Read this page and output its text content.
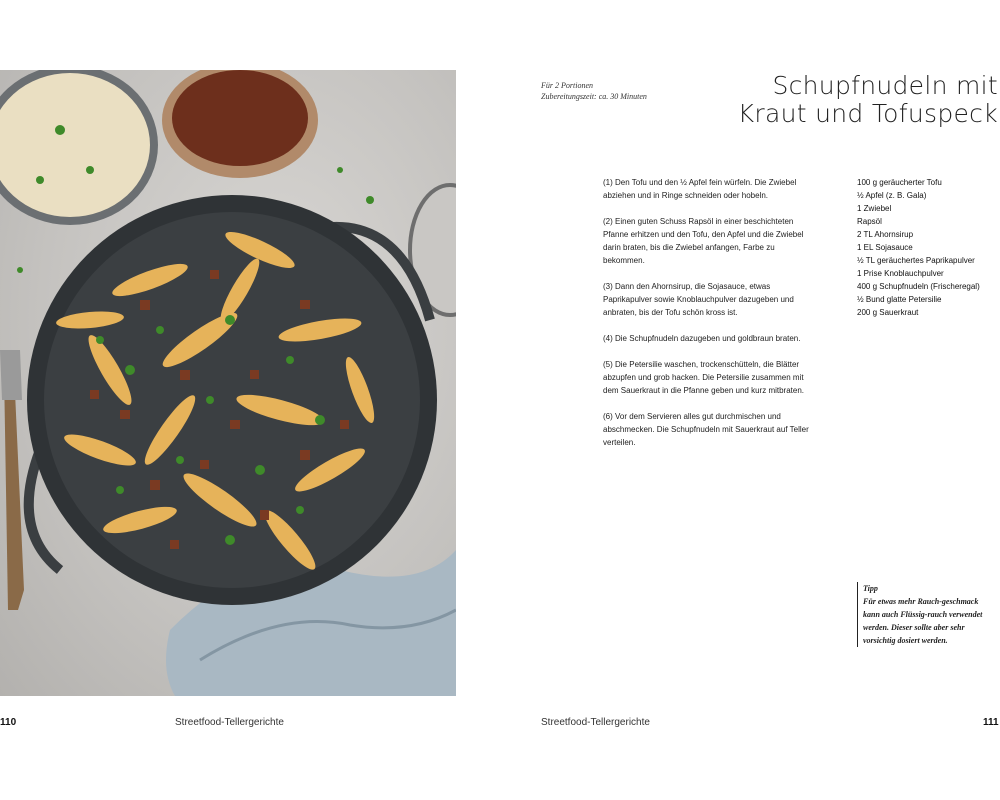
110	Streetfood-Tellergerichte
Für 2 Portionen
Zubereitungszeit: ca. 30 Minuten	Schupfnudeln mit
Kraut und Tofuspeck

(1) Den Tofu und den ½ Apfel fein würfeln. Die Zwiebel abziehen und in Ringe schneiden oder hobeln.

(2) Einen guten Schuss Rapsöl in einer beschichteten Pfanne erhitzen und den Tofu, den Apfel und die Zwiebel darin braten, bis die Zwiebel anfangen, Farbe zu bekommen.

(3) Dann den Ahornsirup, die Sojasauce, etwas Paprikapulver sowie Knoblauchpulver dazugeben und anbraten, bis der Tofu schön kross ist.

(4) Die Schupfnudeln dazugeben und goldbraun braten.

(5) Die Petersilie waschen, trockenschütteln, die Blätter abzupfen und grob hacken. Die Petersilie zusammen mit dem Sauerkraut in die Pfanne geben und kurz mitbraten.

(6) Vor dem Servieren alles gut durchmischen und abschmecken. Die Schupfnudeln mit Sauerkraut auf Teller verteilen.

100 g geräucherter Tofu
½ Apfel (z. B. Gala)
1 Zwiebel
Rapsöl
2 TL Ahornsirup
1 EL Sojasauce
½ TL geräuchertes Paprikapulver
1 Prise Knoblauchpulver
400 g Schupfnudeln (Frischeregal)
½ Bund glatte Petersilie
200 g Sauerkraut
Tipp
Für etwas mehr Rauch-geschmack kann auch Flüssig-rauch verwendet werden. Dieser sollte aber sehr vorsichtig dosiert werden.
Streetfood-Tellergerichte	111
